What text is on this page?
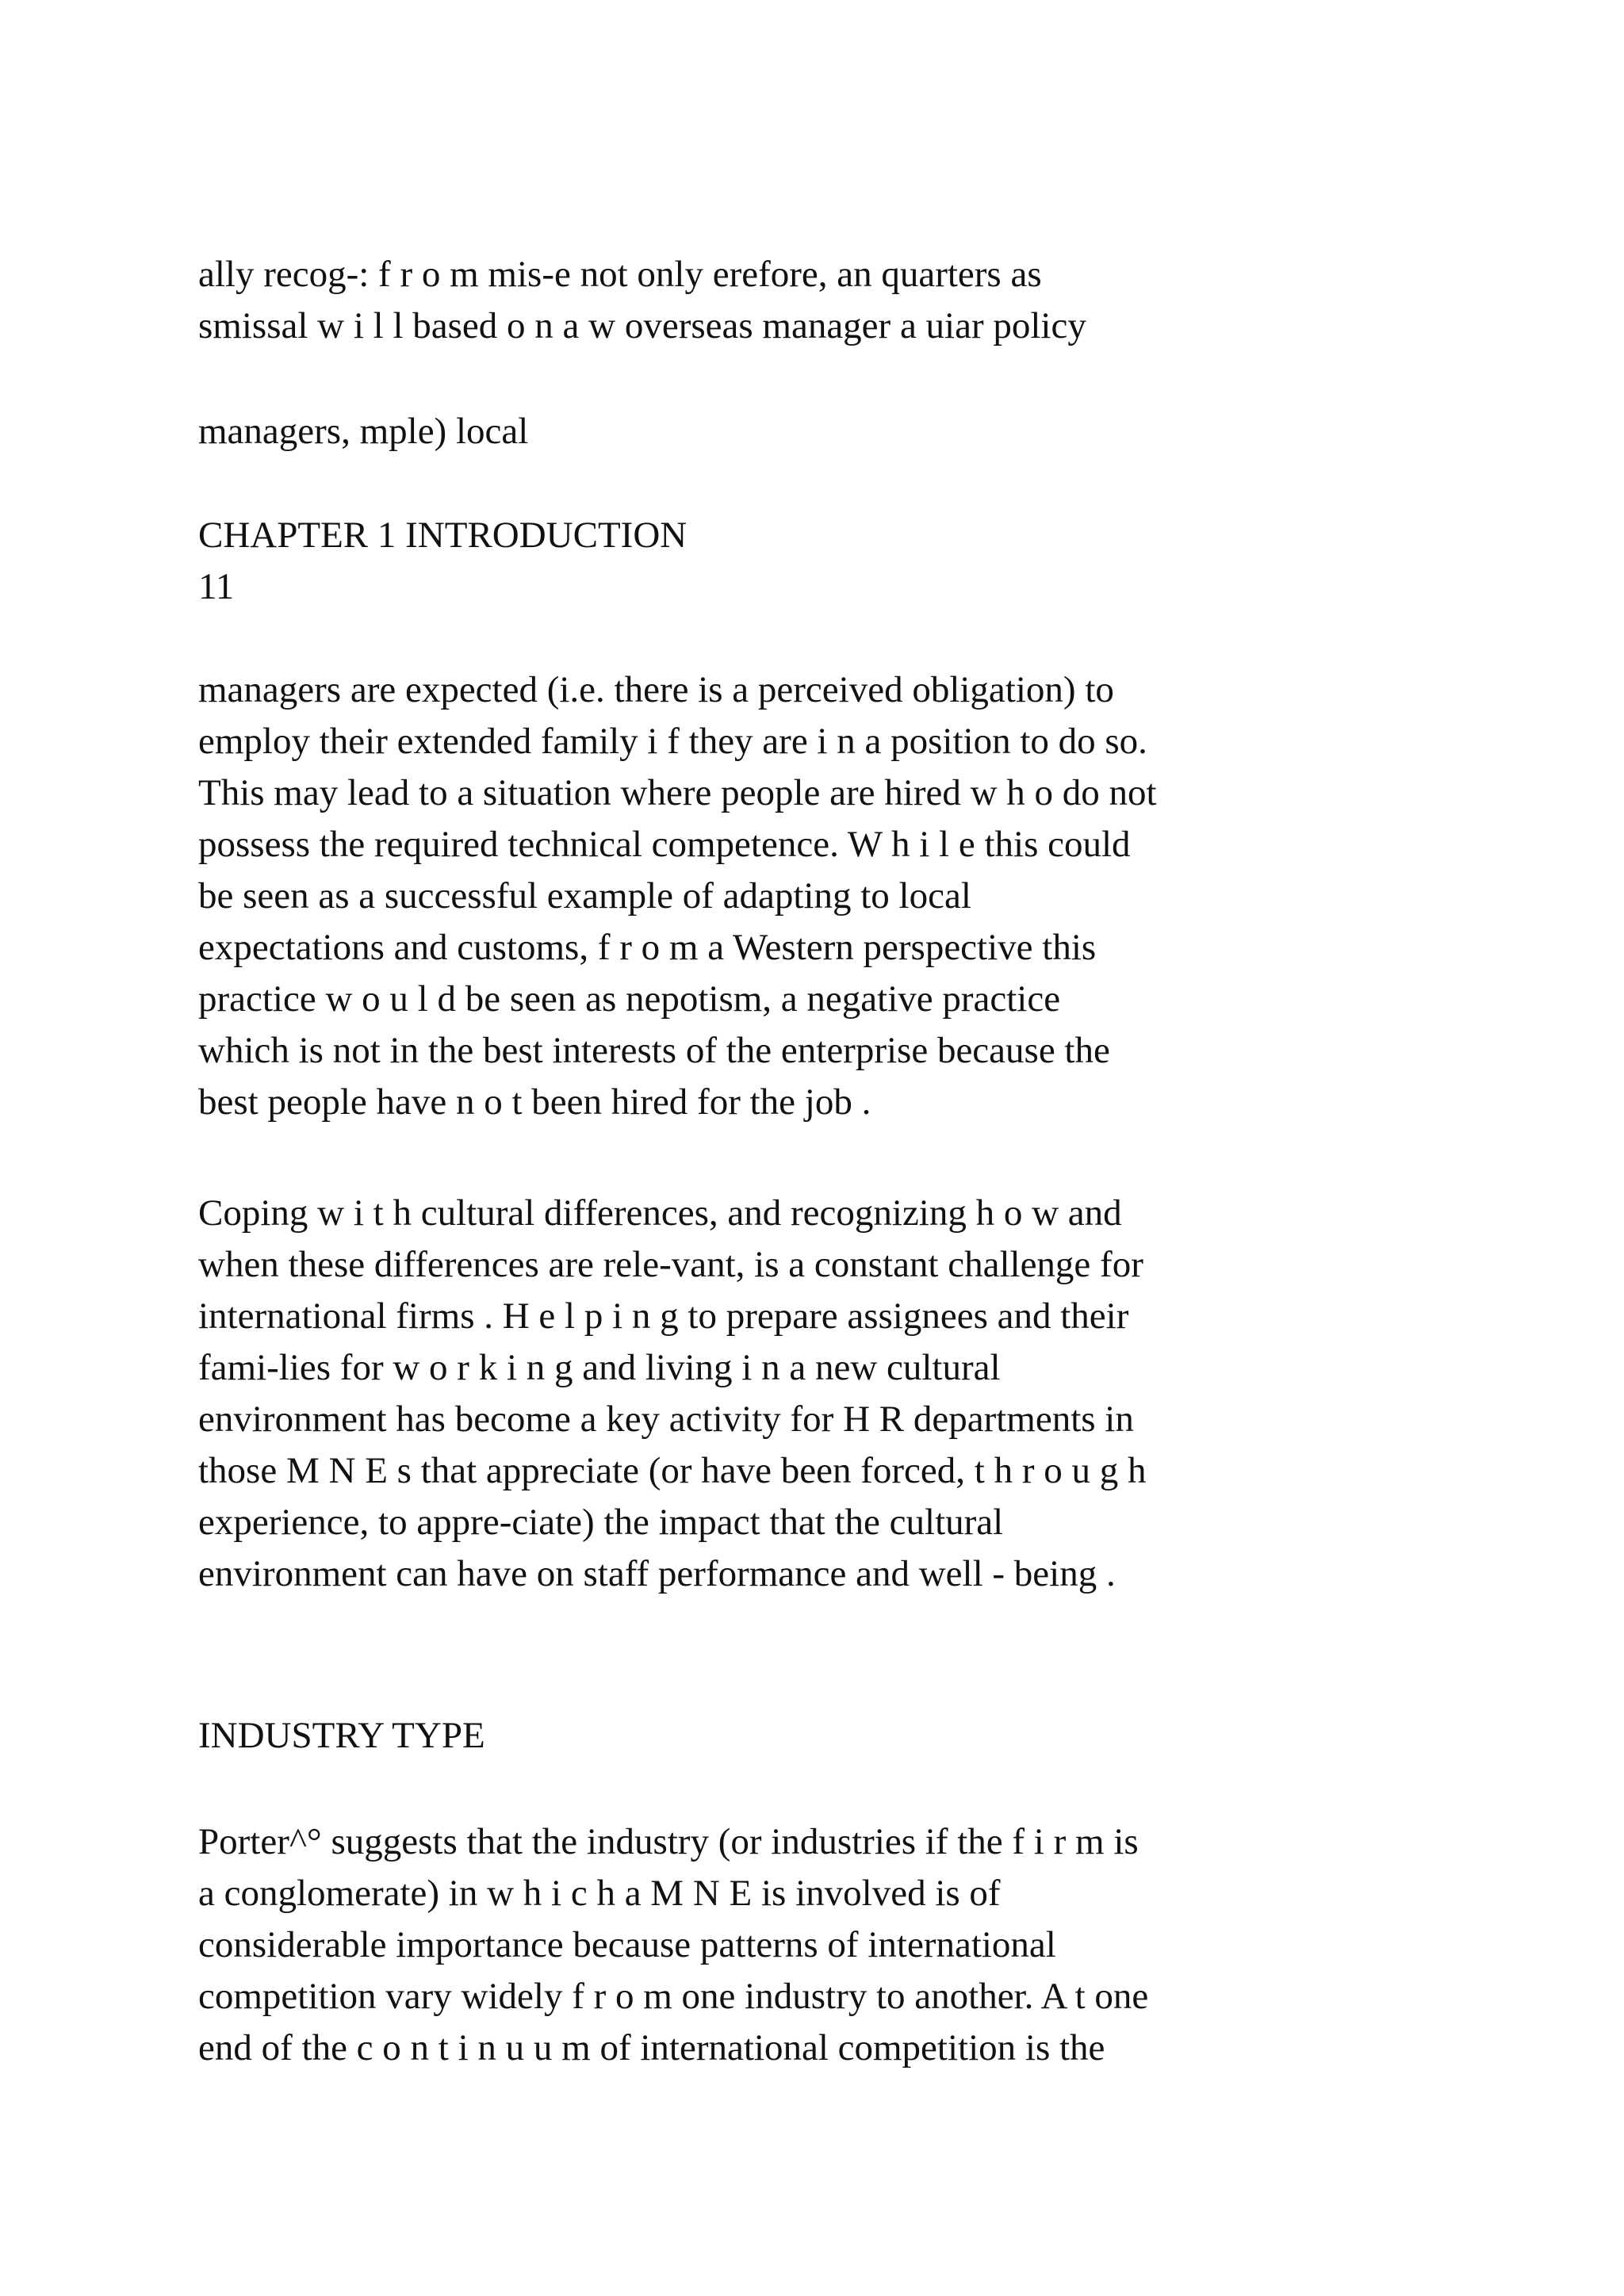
ally recog-: f r o m mis-e not only erefore, an quarters as
smissal w i l l based o n a w overseas manager a uiar policy

managers, mple) local

CHAPTER 1 INTRODUCTION
11

managers are expected (i.e. there is a perceived obligation) to
employ their extended family i f they are i n a position to do so.
This may lead to a situation where people are hired w h o do not
possess the required technical competence. W h i l e this could
be seen as a successful example of adapting to local
expectations and customs, f r o m a Western perspective this
practice w o u l d be seen as nepotism, a negative practice
which is not in the best interests of the enterprise because the
best people have n o t been hired for the job .

Coping w i t h cultural differences, and recognizing h o w and
when these differences are rele-vant, is a constant challenge for
international firms . H e l p i n g to prepare assignees and their
fami-lies for w o r k i n g and living i n a new cultural
environment has become a key activity for H R departments in
those M N E s that appreciate (or have been forced, t h r o u g h
experience, to appre-ciate) the impact that the cultural
environment can have on staff performance and well - being .

INDUSTRY TYPE

Porter^° suggests that the industry (or industries if the f i r m is
a conglomerate) in w h i c h a M N E is involved is of
considerable importance because patterns of international
competition vary widely f r o m one industry to another. A t one
end of the c o n t i n u u m of international competition is the
